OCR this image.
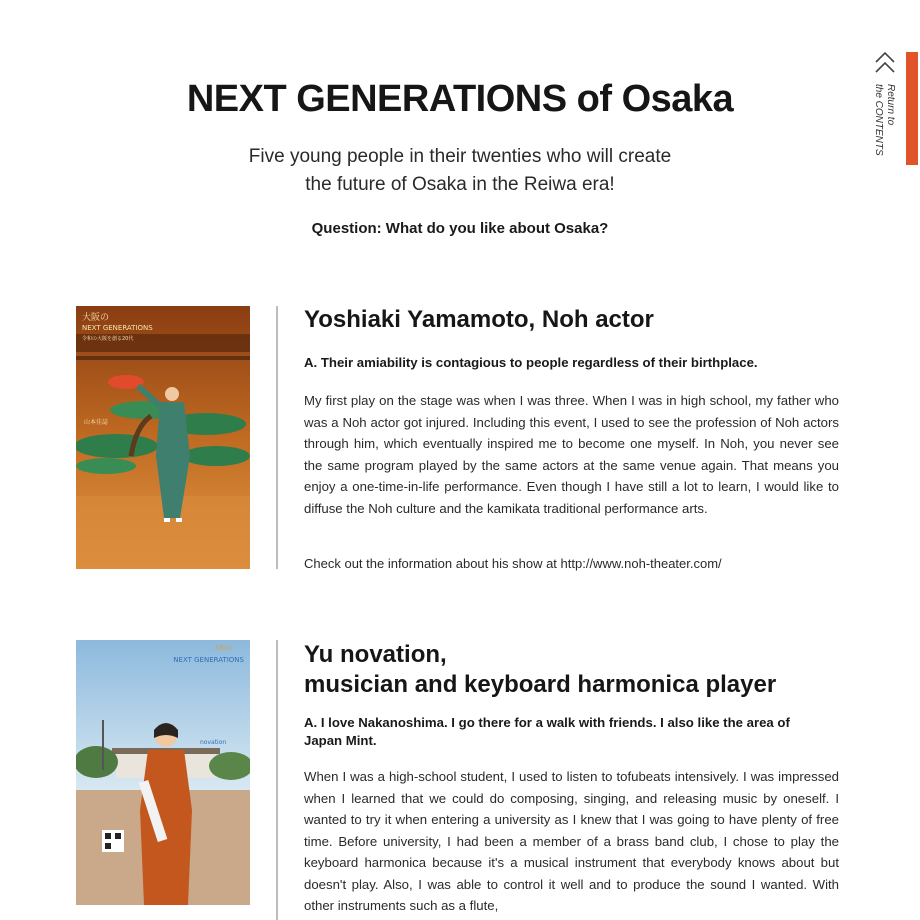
NEXT GENERATIONS of Osaka
Five young people in their twenties who will create
the future of Osaka in the Reiwa era!
Question: What do you like about Osaka?
Return to
the CONTENTS
大阪の
NEXT GENERATIONS
令和の大阪を創る20代
山本佳誌
Yoshiaki Yamamoto, Noh actor
A. Their amiability is contagious to people regardless of their birthplace.
My first play on the stage was when I was three. When I was in high school, my father who was a Noh actor got injured. Including this event, I used to see the profession of Noh actors through him, which eventually inspired me to become one myself. In Noh, you never see the same program played by the same actors at the same venue again. That means you enjoy a one-time-in-life performance. Even though I have still a lot to learn, I would like to diffuse the Noh culture and the kamikata traditional performance arts.
Check out the information about his show at http://www.noh-theater.com/
大阪の
NEXT GENERATIONS
novation
Yu novation,
musician and keyboard harmonica player
A. I love Nakanoshima. I go there for a walk with friends. I also like the area of Japan Mint.
When I was a high-school student, I used to listen to tofubeats intensively. I was impressed when I learned that we could do composing, singing, and releasing music by oneself. I wanted to try it when entering a university as I knew that I was going to have plenty of free time. Before university, I had been a member of a brass band club, I chose to play the keyboard harmonica because it's a musical instrument that everybody knows about but doesn't play. Also, I was able to control it well and to produce the sound I wanted. With other instruments such as a flute,
